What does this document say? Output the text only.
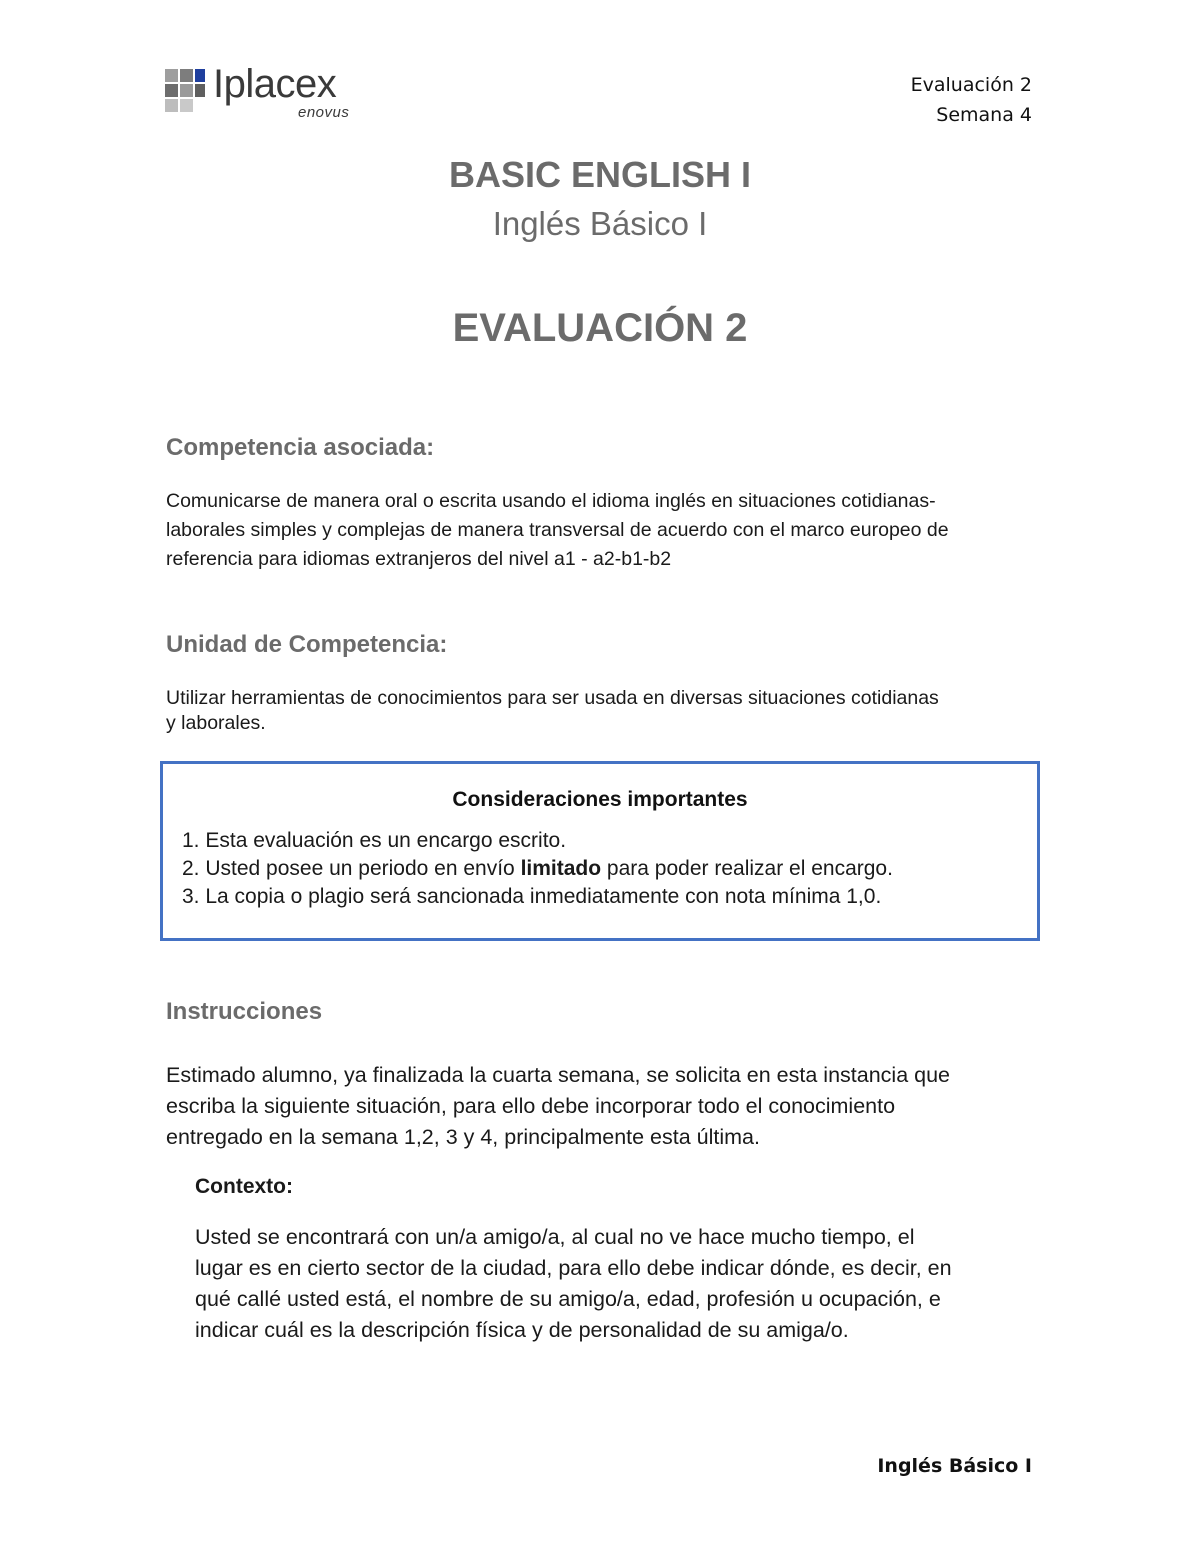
Iplacex
enovus
Evaluación 2
Semana 4
BASIC ENGLISH I
Inglés Básico I
EVALUACIÓN 2
Competencia asociada:
Comunicarse de manera oral o escrita usando el idioma inglés en situaciones cotidianas-
laborales simples y complejas de manera transversal de acuerdo con el marco europeo de
referencia para idiomas extranjeros del nivel a1 - a2-b1-b2
Unidad de Competencia:
Utilizar herramientas de conocimientos para ser usada en diversas situaciones cotidianas
y laborales.
Consideraciones importantes
1. Esta evaluación es un encargo escrito.
2. Usted posee un periodo en envío limitado para poder realizar el encargo.
3. La copia o plagio será sancionada inmediatamente con nota mínima 1,0.
Instrucciones
Estimado alumno, ya finalizada la cuarta semana, se solicita en esta instancia que
escriba la siguiente situación, para ello debe incorporar todo el conocimiento
entregado en la semana 1,2, 3 y 4, principalmente esta última.
Contexto:
Usted se encontrará con un/a amigo/a, al cual no ve hace mucho tiempo, el
lugar es en cierto sector de la ciudad, para ello debe indicar dónde, es decir, en
qué callé usted está, el nombre de su amigo/a, edad, profesión u ocupación, e
indicar cuál es la descripción física y de personalidad de su amiga/o.
Inglés Básico I
